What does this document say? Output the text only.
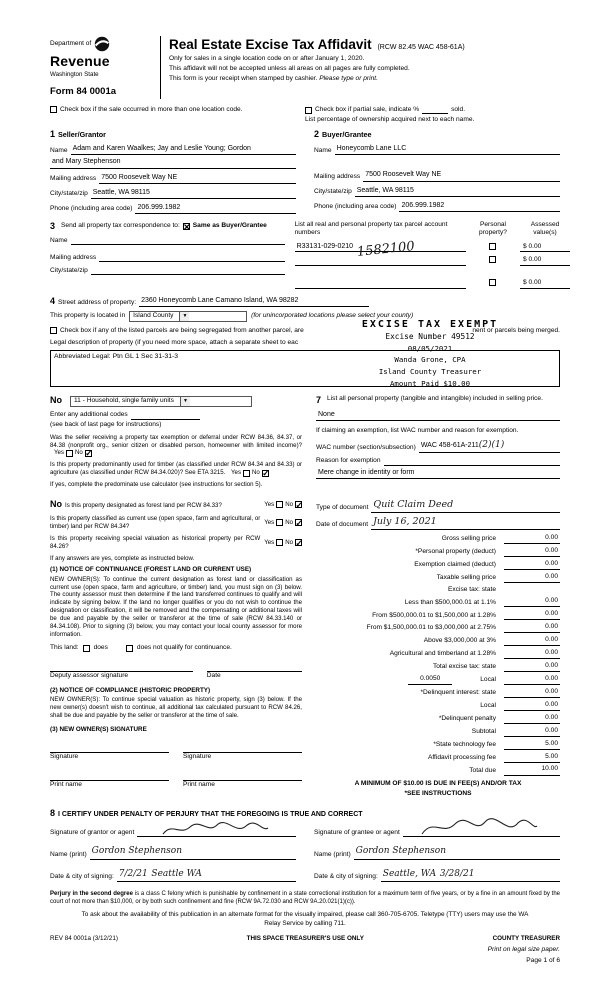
Department of
Revenue
Washington State
Form 84 0001a
Real Estate Excise Tax Affidavit (RCW 82.45 WAC 458-61A)
Only for sales in a single location code on or after January 1, 2020.
This affidavit will not be accepted unless all areas on all pages are fully completed.
This form is your receipt when stamped by cashier. Please type or print.
Check box if the sale occurred in more than one location code.	Check box if partial sale, indicate %	sold.
List percentage of ownership acquired next to each name.
1 Seller/Grantor
Name Adam and Karen Waalkes; Jay and Leslie Young; Gordon
and Mary Stephenson
Mailing address 7500 Roosevelt Way NE
City/state/zip Seattle, WA 98115
Phone (including area code) 206.999.1982
2 Buyer/Grantee
Name Honeycomb Lane LLC
Mailing address 7500 Roosevelt Way NE
City/state/zip Seattle, WA 98115
Phone (including area code) 206.999.1982
3 Send all property tax correspondence to: ✕ Same as Buyer/Grantee
Name
Mailing address
City/state/zip
List all real and personal property tax parcel account numbers
Personal property?
Assessed value(s)
R33131-029-0210	$ 0.00
$ 0.00
$ 0.00
1582100
4 Street address of property: 2360 Honeycomb Lane Camano Island, WA 98282
This property is located in Island County	▼	(for unincorporated locations please select your county)
Check box if any of the listed parcels are being segregated from another parcel, are	nent or parcels being merged.
Legal description of property (if you need more space, attach a separate sheet to eac
Abbreviated Legal: Ptn GL 1 Sec 31-31-3
EXCISE TAX EXEMPT
Excise Number 49512
08/05/2021
Wanda Grone, CPA
Island County Treasurer
Amount Paid $10.00
No 11 - Household, single family units	▼
Enter any additional codes
(see back of last page for instructions)
Was the seller receiving a property tax exemption or deferral under RCW 84.36, 84.37, or 84.38 (nonprofit org., senior citizen or disabled person, homeowner with limited income)?
Yes No
✓
Is this property predominantly used for timber (as classified under RCW 84.34 and 84.33) or agriculture (as classified under RCW 84.34.020)? See ETA 3215. Yes No
✓
If yes, complete the predominate use calculator (see instructions for section 5).
7 List all personal property (tangible and intangible) included in selling price.
None
If claiming an exemption, list WAC number and reason for exemption.
WAC number (section/subsection) WAC 458-61A-211(2)(1)
Reason for exemption
Mere change in identity or form
No Is this property designated as forest land per RCW 84.33?	Yes No
✓
Is this property classified as current use (open space, farm and agricultural, or timber) land per RCW 84.34?
Yes No
✓
Is this property receiving special valuation as historical property per RCW 84.26?
Yes No
✓
If any answers are yes, complete as instructed below.
(1) NOTICE OF CONTINUANCE (FOREST LAND OR CURRENT USE)
NEW OWNER(S): To continue the current designation as forest land or classification as current use (open space, farm and agriculture, or timber) land, you must sign on (3) below. The county assessor must then determine if the land transferred continues to qualify and will indicate by signing below. If the land no longer qualifies or you do not wish to continue the designation or classification, it will be removed and the compensating or additional taxes will be due and payable by the seller or transferor at the time of sale (RCW 84.33.140 or 84.34.108). Prior to signing (3) below, you may contact your local county assessor for more information.
This land: does	does not qualify for continuance.
Deputy assessor signature	Date
(2) NOTICE OF COMPLIANCE (HISTORIC PROPERTY)
NEW OWNER(S): To continue special valuation as historic property, sign (3) below. If the new owner(s) doesn't wish to continue, all additional tax calculated pursuant to RCW 84.26, shall be due and payable by the seller or transferor at the time of sale.
(3) NEW OWNER(S) SIGNATURE
Signature	Signature
Print name	Print name
Type of document Quit Claim Deed
Date of document July 16, 2021
Gross selling price	0.00
*Personal property (deduct)	0.00
Exemption claimed (deduct)	0.00
Taxable selling price	0.00
Excise tax: state
Less than $500,000.01 at 1.1%	0.00
From $500,000.01 to $1,500,000 at 1.28%	0.00
From $1,500,000.01 to $3,000,000 at 2.75%	0.00
Above $3,000,000 at 3%	0.00
Agricultural and timberland at 1.28%	0.00
Total excise tax: state	0.00
0.0050	Local	0.00
*Delinquent interest: state	0.00
Local	0.00
*Delinquent penalty	0.00
Subtotal	0.00
*State technology fee	5.00
Affidavit processing fee	5.00
Total due	10.00
A MINIMUM OF $10.00 IS DUE IN FEE(S) AND/OR TAX
*SEE INSTRUCTIONS
8 I CERTIFY UNDER PENALTY OF PERJURY THAT THE FOREGOING IS TRUE AND CORRECT
Signature of grantor or agent
Name (print) Gordon Stephenson
Date & city of signing: 7/2/21 Seattle WA
Signature of grantee or agent
Name (print) Gordon Stephenson
Date & city of signing: Seattle, WA 3/28/21
Perjury in the second degree is a class C felony which is punishable by confinement in a state correctional institution for a maximum term of five years, or by a fine in an amount fixed by the court of not more than $10,000, or by both such confinement and fine (RCW 9A.72.030 and RCW 9A.20.021(1)(c)).
To ask about the availability of this publication in an alternate format for the visually impaired, please call 360-705-6705. Teletype (TTY) users may use the WA Relay Service by calling 711.
REV 84 0001a (3/12/21)	THIS SPACE TREASURER'S USE ONLY	COUNTY TREASURER
Print on legal size paper.
Page 1 of 6
